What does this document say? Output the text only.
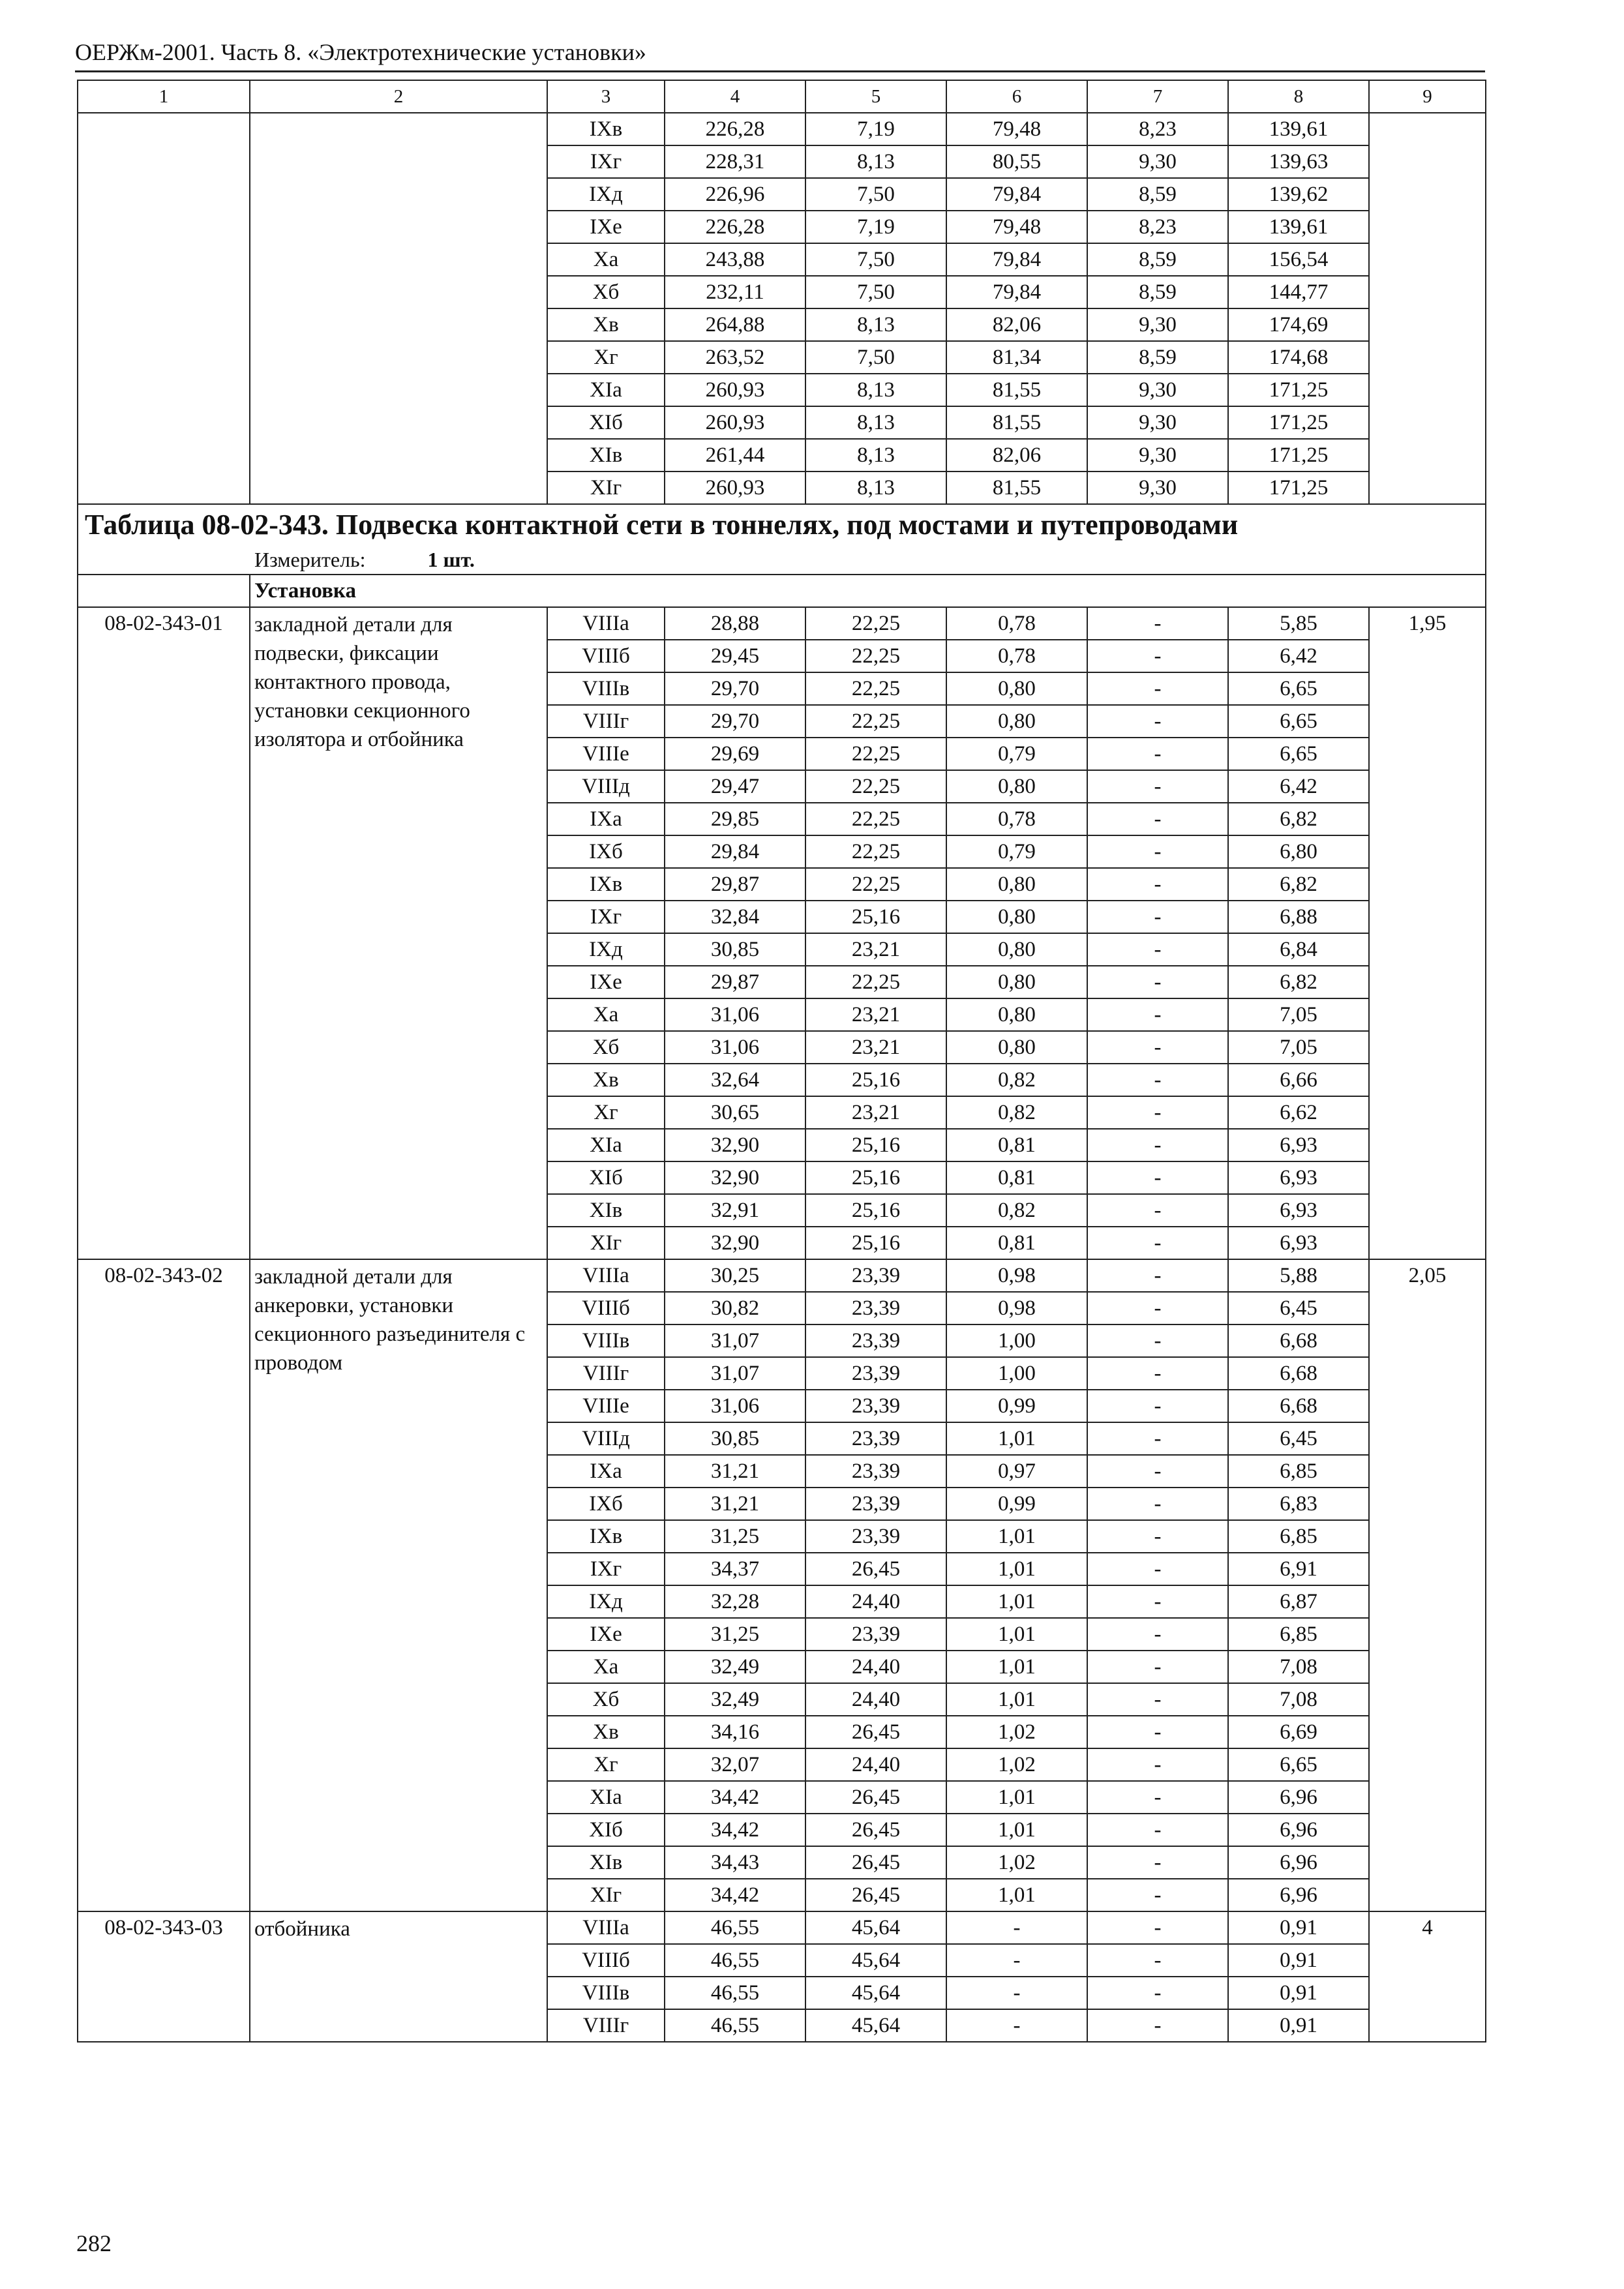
ОЕРЖм-2001. Часть 8. «Электротехнические установки»
1	2	3	4	5	6	7	8	9
		IXв	226,28	7,19	79,48	8,23	139,61	
		IXг	228,31	8,13	80,55	9,30	139,63	
		IXд	226,96	7,50	79,84	8,59	139,62	
		IXе	226,28	7,19	79,48	8,23	139,61	
		Xа	243,88	7,50	79,84	8,59	156,54	
		Xб	232,11	7,50	79,84	8,59	144,77	
		Xв	264,88	8,13	82,06	9,30	174,69	
		Xг	263,52	7,50	81,34	8,59	174,68	
		XIа	260,93	8,13	81,55	9,30	171,25	
		XIб	260,93	8,13	81,55	9,30	171,25	
		XIв	261,44	8,13	82,06	9,30	171,25	
		XIг	260,93	8,13	81,55	9,30	171,25	
Таблица 08-02-343. Подвеска контактной сети в тоннелях, под мостами и путепроводами								
Измеритель: 1 шт.								
	Установка							
08-02-343-01	закладной детали для подвески, фиксации контактного провода, установки секционного изолятора и отбойника	VIIIа	28,88	22,25	0,78	-	5,85	1,95
		VIIIб	29,45	22,25	0,78	-	6,42	
		VIIIв	29,70	22,25	0,80	-	6,65	
		VIIIг	29,70	22,25	0,80	-	6,65	
		VIIIе	29,69	22,25	0,79	-	6,65	
		VIIIд	29,47	22,25	0,80	-	6,42	
		IXа	29,85	22,25	0,78	-	6,82	
		IXб	29,84	22,25	0,79	-	6,80	
		IXв	29,87	22,25	0,80	-	6,82	
		IXг	32,84	25,16	0,80	-	6,88	
		IXд	30,85	23,21	0,80	-	6,84	
		IXе	29,87	22,25	0,80	-	6,82	
		Xа	31,06	23,21	0,80	-	7,05	
		Xб	31,06	23,21	0,80	-	7,05	
		Xв	32,64	25,16	0,82	-	6,66	
		Xг	30,65	23,21	0,82	-	6,62	
		XIа	32,90	25,16	0,81	-	6,93	
		XIб	32,90	25,16	0,81	-	6,93	
		XIв	32,91	25,16	0,82	-	6,93	
		XIг	32,90	25,16	0,81	-	6,93	
08-02-343-02	закладной детали для анкеровки, установки секционного разъединителя с проводом	VIIIа	30,25	23,39	0,98	-	5,88	2,05
		VIIIб	30,82	23,39	0,98	-	6,45	
		VIIIв	31,07	23,39	1,00	-	6,68	
		VIIIг	31,07	23,39	1,00	-	6,68	
		VIIIе	31,06	23,39	0,99	-	6,68	
		VIIIд	30,85	23,39	1,01	-	6,45	
		IXа	31,21	23,39	0,97	-	6,85	
		IXб	31,21	23,39	0,99	-	6,83	
		IXв	31,25	23,39	1,01	-	6,85	
		IXг	34,37	26,45	1,01	-	6,91	
		IXд	32,28	24,40	1,01	-	6,87	
		IXе	31,25	23,39	1,01	-	6,85	
		Xа	32,49	24,40	1,01	-	7,08	
		Xб	32,49	24,40	1,01	-	7,08	
		Xв	34,16	26,45	1,02	-	6,69	
		Xг	32,07	24,40	1,02	-	6,65	
		XIа	34,42	26,45	1,01	-	6,96	
		XIб	34,42	26,45	1,01	-	6,96	
		XIв	34,43	26,45	1,02	-	6,96	
		XIг	34,42	26,45	1,01	-	6,96	
08-02-343-03	отбойника	VIIIа	46,55	45,64	-	-	0,91	4
		VIIIб	46,55	45,64	-	-	0,91	
		VIIIв	46,55	45,64	-	-	0,91	
		VIIIг	46,55	45,64	-	-	0,91	
282
